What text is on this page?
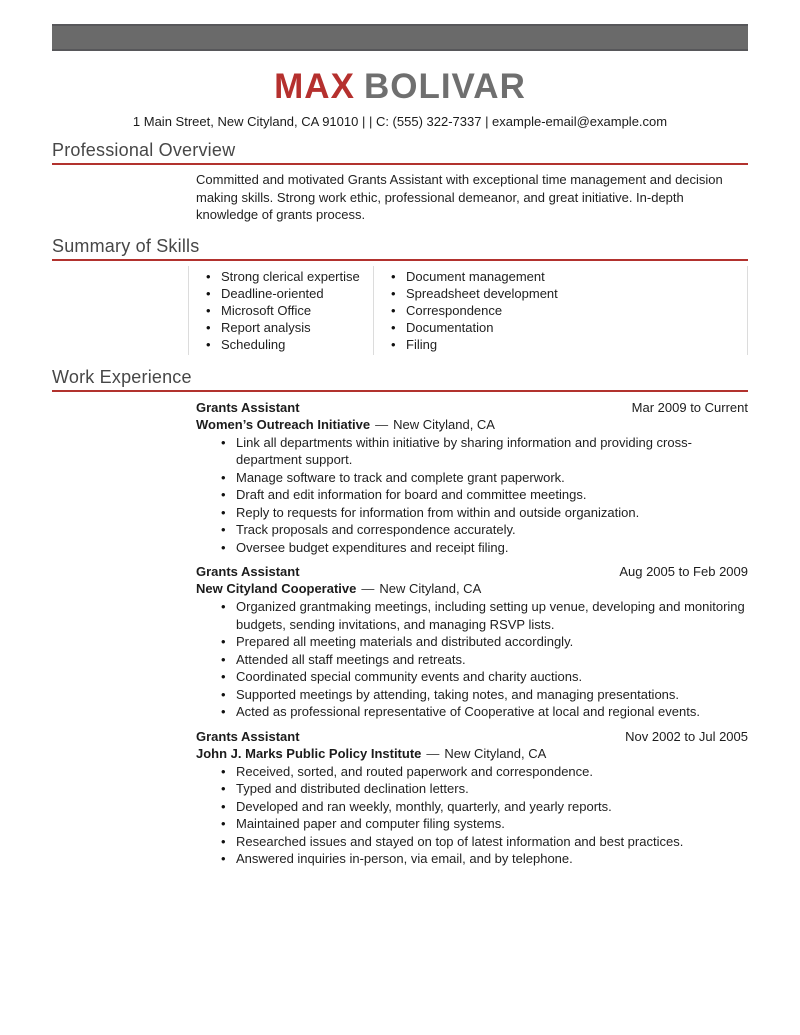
MAX BOLIVAR
1 Main Street, New Cityland, CA 91010 | | C: (555) 322-7337 | example-email@example.com
Professional Overview
Committed and motivated Grants Assistant with exceptional time management and decision making skills. Strong work ethic, professional demeanor, and great initiative. In-depth knowledge of grants process.
Summary of Skills
• Strong clerical expertise
• Deadline-oriented
• Microsoft Office
• Report analysis
• Scheduling
• Document management
• Spreadsheet development
• Correspondence
• Documentation
• Filing
Work Experience
Grants Assistant	Mar 2009 to Current
Women’s Outreach Initiative — New Cityland, CA
• Link all departments within initiative by sharing information and providing cross-department support.
• Manage software to track and complete grant paperwork.
• Draft and edit information for board and committee meetings.
• Reply to requests for information from within and outside organization.
• Track proposals and correspondence accurately.
• Oversee budget expenditures and receipt filing.
Grants Assistant	Aug 2005 to Feb 2009
New Cityland Cooperative — New Cityland, CA
• Organized grantmaking meetings, including setting up venue, developing and monitoring budgets, sending invitations, and managing RSVP lists.
• Prepared all meeting materials and distributed accordingly.
• Attended all staff meetings and retreats.
• Coordinated special community events and charity auctions.
• Supported meetings by attending, taking notes, and managing presentations.
• Acted as professional representative of Cooperative at local and regional events.
Grants Assistant	Nov 2002 to Jul 2005
John J. Marks Public Policy Institute — New Cityland, CA
• Received, sorted, and routed paperwork and correspondence.
• Typed and distributed declination letters.
• Developed and ran weekly, monthly, quarterly, and yearly reports.
• Maintained paper and computer filing systems.
• Researched issues and stayed on top of latest information and best practices.
• Answered inquiries in-person, via email, and by telephone.
